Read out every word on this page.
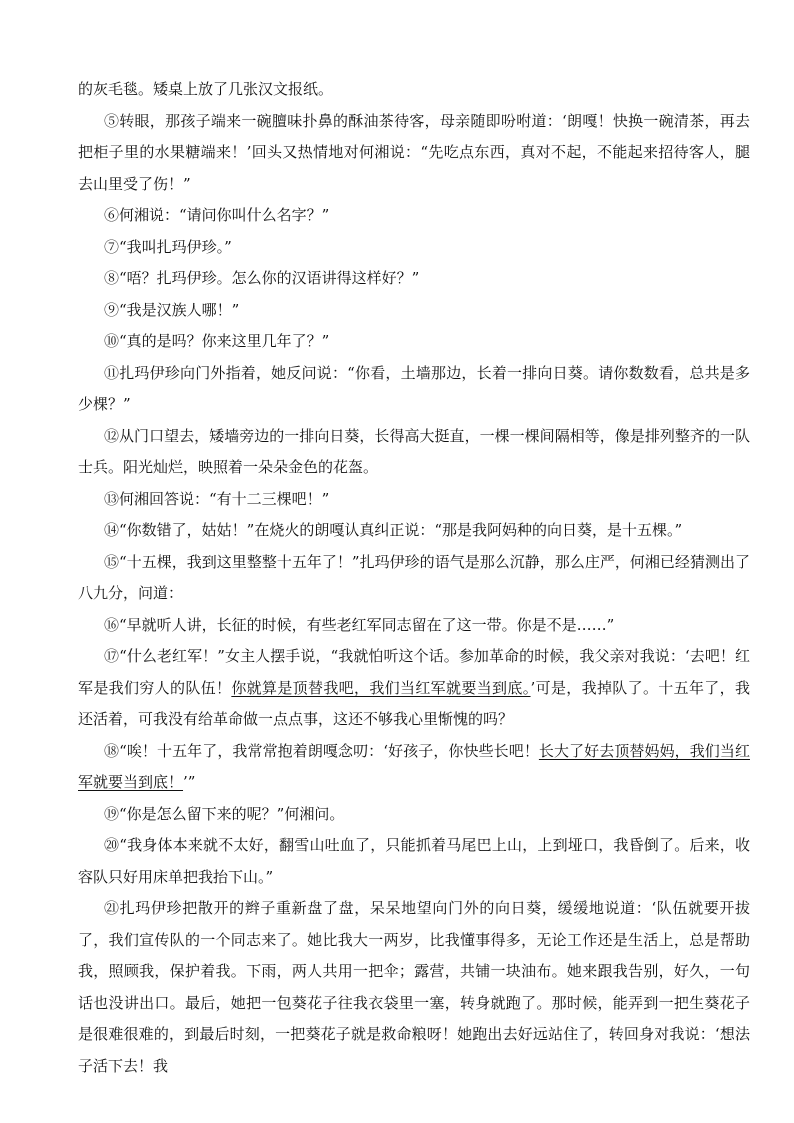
的灰毛毯。矮桌上放了几张汉文报纸。

⑤转眼，那孩子端来一碗膻味扑鼻的酥油茶待客，母亲随即吩咐道：‘朗嘎！快换一碗清茶，再去把柜子里的水果糖端来！’回头又热情地对何湘说：“先吃点东西，真对不起，不能起来招待客人，腿去山里受了伤！”

⑥何湘说：“请问你叫什么名字？”

⑦“我叫扎玛伊珍。”

⑧“唔？扎玛伊珍。怎么你的汉语讲得这样好？”

⑨“我是汉族人哪！”

⑩“真的是吗？你来这里几年了？”

⑪扎玛伊珍向门外指着，她反问说：“你看，土墙那边，长着一排向日葵。请你数数看，总共是多少棵？”

⑫从门口望去，矮墙旁边的一排向日葵，长得高大挺直，一棵一棵间隔相等，像是排列整齐的一队士兵。阳光灿烂，映照着一朵朵金色的花盔。

⑬何湘回答说：“有十二三棵吧！”

⑭“你数错了，姑姑！”在烧火的朗嘎认真纠正说：“那是我阿妈种的向日葵，是十五棵。”

⑮“十五棵，我到这里整整十五年了！”扎玛伊珍的语气是那么沉静，那么庄严，何湘已经猜测出了八九分，问道：

⑯“早就听人讲，长征的时候，有些老红军同志留在了这一带。你是不是……”

⑰“什么老红军！”女主人摆手说，“我就怕听这个话。参加革命的时候，我父亲对我说：‘去吧！红军是我们穷人的队伍！你就算是顶替我吧，我们当红军就要当到底。’可是，我掉队了。十五年了，我还活着，可我没有给革命做一点点事，这还不够我心里惭愧的吗？

⑱“唉！十五年了，我常常抱着朗嘎念叨：‘好孩子，你快些长吧！长大了好去顶替妈妈，我们当红军就要当到底！’”

⑲“你是怎么留下来的呢？”何湘问。

⑳“我身体本来就不太好，翻雪山吐血了，只能抓着马尾巴上山，上到垭口，我昏倒了。后来，收容队只好用床单把我抬下山。”

㉑扎玛伊珍把散开的辫子重新盘了盘，呆呆地望向门外的向日葵，缓缓地说道：‘队伍就要开拔了，我们宣传队的一个同志来了。她比我大一两岁，比我懂事得多，无论工作还是生活上，总是帮助我，照顾我，保护着我。下雨，两人共用一把伞；露营，共铺一块油布。她来跟我告别，好久，一句话也没讲出口。最后，她把一包葵花子往我衣袋里一塞，转身就跑了。那时候，能弄到一把生葵花子是很难很难的，到最后时刻，一把葵花子就是救命粮呀！她跑出去好远站住了，转回身对我说：‘想法子活下去！我
